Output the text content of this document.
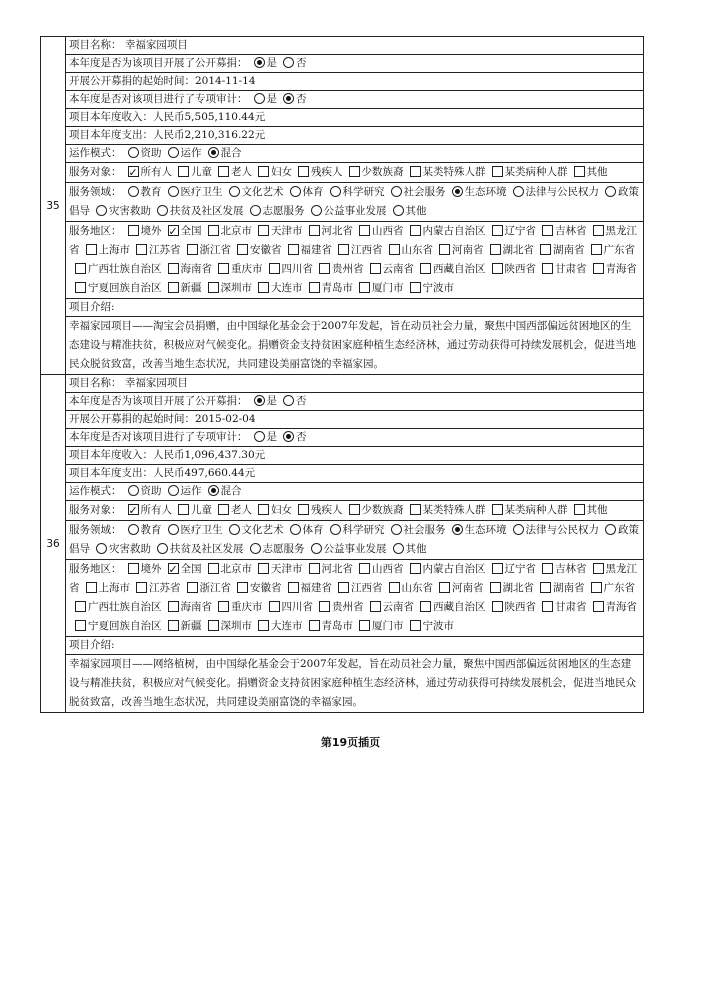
35	项目名称： 幸福家园项目

	本年度是否为该项目开展了公开募捐： 是 否

	开展公开募捐的起始时间：2014-11-14

	本年度是否对该项目进行了专项审计： 是 否

	项目本年度收入：人民币5,505,110.44元

	项目本年度支出：人民币2,210,316.22元

	运作模式： 资助 运作 混合

	服务对象： ✓ 所有人 儿童 老人 妇女 残疾人 少数族裔 某类特殊人群 某类病种人群 其他

	服务领域： 教育 医疗卫生 文化艺术 体育 科学研究 社会服务 生态环境 法律与公民权力 政策倡导 灾害救助 扶贫及社区发展 志愿服务 公益事业发展 其他

	服务地区： 境外 ✓ 全国 北京市 天津市 河北省 山西省 内蒙古自治区 辽宁省 吉林省 黑龙江省 上海市 江苏省 浙江省 安徽省 福建省 江西省 山东省 河南省 湖北省 湖南省 广东省广西壮族自治区 海南省 重庆市 四川省 贵州省 云南省 西藏自治区 陕西省 甘肃省 青海省宁夏回族自治区 新疆 深圳市 大连市 青岛市 厦门市 宁波市

	项目介绍:

	幸福家园项目——淘宝会员捐赠，由中国绿化基金会于2007年发起，旨在动员社会力量，聚焦中国西部偏远贫困地区的生态建设与精准扶贫，积极应对气候变化。捐赠资金支持贫困家庭种植生态经济林，通过劳动获得可持续发展机会，促进当地民众脱贫致富，改善当地生态状况，共同建设美丽富饶的幸福家园。

36	项目名称： 幸福家园项目

	本年度是否为该项目开展了公开募捐： 是 否

	开展公开募捐的起始时间：2015-02-04

	本年度是否对该项目进行了专项审计： 是 否

	项目本年度收入：人民币1,096,437.30元

	项目本年度支出：人民币497,660.44元

	运作模式： 资助 运作 混合

	服务对象： ✓ 所有人 儿童 老人 妇女 残疾人 少数族裔 某类特殊人群 某类病种人群 其他

	服务领域： 教育 医疗卫生 文化艺术 体育 科学研究 社会服务 生态环境 法律与公民权力 政策倡导 灾害救助 扶贫及社区发展 志愿服务 公益事业发展 其他

	服务地区： 境外 ✓ 全国 北京市 天津市 河北省 山西省 内蒙古自治区 辽宁省 吉林省 黑龙江省 上海市 江苏省 浙江省 安徽省 福建省 江西省 山东省 河南省 湖北省 湖南省 广东省广西壮族自治区 海南省 重庆市 四川省 贵州省 云南省 西藏自治区 陕西省 甘肃省 青海省宁夏回族自治区 新疆 深圳市 大连市 青岛市 厦门市 宁波市

	项目介绍:

	幸福家园项目——网络植树，由中国绿化基金会于2007年发起，旨在动员社会力量，聚焦中国西部偏远贫困地区的生态建设与精准扶贫，积极应对气候变化。捐赠资金支持贫困家庭种植生态经济林，通过劳动获得可持续发展机会，促进当地民众脱贫致富，改善当地生态状况，共同建设美丽富饶的幸福家园。
第19页插页
